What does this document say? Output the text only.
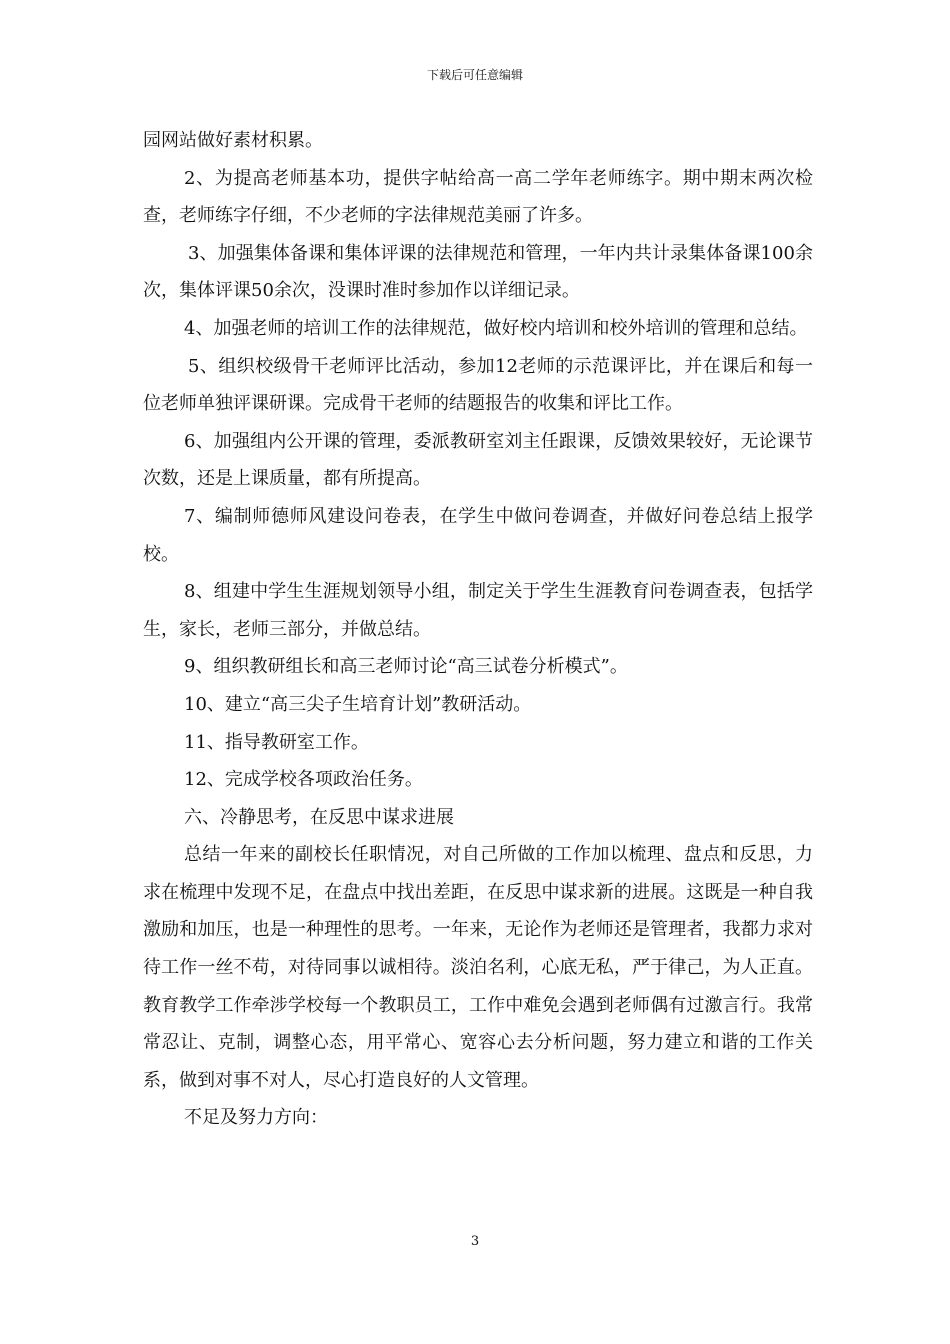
下载后可任意编辑

园网站做好素材积累。

2、为提高老师基本功，提供字帖给高一高二学年老师练字。期中期末两次检查，老师练字仔细，不少老师的字法律规范美丽了许多。

3、加强集体备课和集体评课的法律规范和管理，一年内共计录集体备课100余次，集体评课50余次，没课时准时参加作以详细记录。

4、加强老师的培训工作的法律规范，做好校内培训和校外培训的管理和总结。

5、组织校级骨干老师评比活动，参加12老师的示范课评比，并在课后和每一位老师单独评课研课。完成骨干老师的结题报告的收集和评比工作。

6、加强组内公开课的管理，委派教研室刘主任跟课，反馈效果较好，无论课节次数，还是上课质量，都有所提高。

7、编制师德师风建设问卷表，在学生中做问卷调查，并做好问卷总结上报学校。

8、组建中学生生涯规划领导小组，制定关于学生生涯教育问卷调查表，包括学生，家长，老师三部分，并做总结。

9、组织教研组长和高三老师讨论“高三试卷分析模式”。

10、建立“高三尖子生培育计划”教研活动。

11、指导教研室工作。

12、完成学校各项政治任务。

六、冷静思考，在反思中谋求进展

总结一年来的副校长任职情况，对自己所做的工作加以梳理、盘点和反思，力求在梳理中发现不足，在盘点中找出差距，在反思中谋求新的进展。这既是一种自我激励和加压，也是一种理性的思考。一年来，无论作为老师还是管理者，我都力求对待工作一丝不苟，对待同事以诚相待。淡泊名利，心底无私，严于律己，为人正直。教育教学工作牵涉学校每一个教职员工，工作中难免会遇到老师偶有过激言行。我常常忍让、克制，调整心态，用平常心、宽容心去分析问题，努力建立和谐的工作关系，做到对事不对人，尽心打造良好的人文管理。

不足及努力方向：

3
